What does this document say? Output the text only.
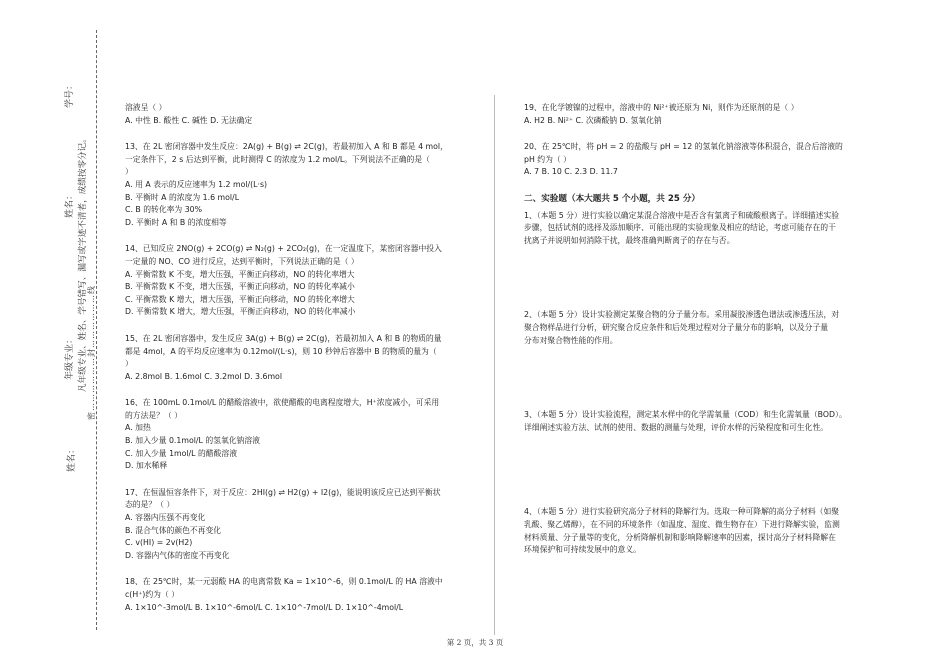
姓名：
年级专业：
姓名：
学号：
凡年级专业、姓名、学号错写、漏写或字迹不清者，成绩按零分记。 密………………封………………线

溶液呈（ ）

A. 中性 B. 酸性 C. 碱性 D. 无法确定

13、在 2L 密闭容器中发生反应：2A(g) + B(g) ⇌ 2C(g)，若最初加入 A 和 B 都是 4 mol，

一定条件下，2 s 后达到平衡，此时测得 C 的浓度为 1.2 mol/L。下列说法不正确的是（

）

A. 用 A 表示的反应速率为 1.2 mol/(L·s)

B. 平衡时 A 的浓度为 1.6 mol/L

C. B 的转化率为 30%

D. 平衡时 A 和 B 的浓度相等

14、已知反应 2NO(g) + 2CO(g) ⇌ N₂(g) + 2CO₂(g)，在一定温度下，某密闭容器中投入

一定量的 NO、CO 进行反应，达到平衡时，下列说法正确的是（ ）

A. 平衡常数 K 不变，增大压强，平衡正向移动，NO 的转化率增大

B. 平衡常数 K 不变，增大压强，平衡正向移动，NO 的转化率减小

C. 平衡常数 K 增大，增大压强，平衡正向移动，NO 的转化率增大

D. 平衡常数 K 增大，增大压强，平衡正向移动，NO 的转化率减小

15、在 2L 密闭容器中，发生反应 3A(g) + B(g) ⇌ 2C(g)，若最初加入 A 和 B 的物质的量

都是 4mol，A 的平均反应速率为 0.12mol/(L·s)，则 10 秒钟后容器中 B 的物质的量为（

）

A. 2.8mol B. 1.6mol C. 3.2mol D. 3.6mol

16、在 100mL 0.1mol/L 的醋酸溶液中，欲使醋酸的电离程度增大，H⁺浓度减小，可采用

的方法是？（ ）

A. 加热

B. 加入少量 0.1mol/L 的氢氧化钠溶液

C. 加入少量 1mol/L 的醋酸溶液

D. 加水稀释

17、在恒温恒容条件下，对于反应：2HI(g) ⇌ H2(g) + I2(g)，能说明该反应已达到平衡状

态的是？（ ）

A. 容器内压强不再变化

B. 混合气体的颜色不再变化

C. v(HI) = 2v(H2)

D. 容器内气体的密度不再变化

18、在 25℃时，某一元弱酸 HA 的电离常数 Ka = 1×10^-6，则 0.1mol/L 的 HA 溶液中

c(H⁺)约为（ ）

A. 1×10^-3mol/L B. 1×10^-6mol/L C. 1×10^-7mol/L D. 1×10^-4mol/L

19、在化学镀镍的过程中，溶液中的 Ni²⁺被还原为 Ni，则作为还原剂的是（ ）

A. H2 B. Ni²⁺ C. 次磷酸钠 D. 氢氧化钠

20、在 25℃时，将 pH = 2 的盐酸与 pH = 12 的氢氧化钠溶液等体积混合，混合后溶液的

pH 约为（ ）

A. 7 B. 10 C. 2.3 D. 11.7

二、实验题（本大题共 5 个小题，共 25 分）

1、（本题 5 分）进行实验以确定某混合溶液中是否含有氯离子和硫酸根离子。详细描述实验

步骤，包括试剂的选择及添加顺序、可能出现的实验现象及相应的结论，考虑可能存在的干

扰离子并说明如何消除干扰，最终准确判断离子的存在与否。

2、（本题 5 分）设计实验测定某聚合物的分子量分布。采用凝胶渗透色谱法或渗透压法，对

聚合物样品进行分析，研究聚合反应条件和后处理过程对分子量分布的影响，以及分子量

分布对聚合物性能的作用。

3、（本题 5 分）设计实验流程，测定某水样中的化学需氧量（COD）和生化需氧量（BOD）。

详细阐述实验方法、试剂的使用、数据的测量与处理，评价水样的污染程度和可生化性。

4、（本题 5 分）进行实验研究高分子材料的降解行为。选取一种可降解的高分子材料（如聚

乳酸、聚乙烯醇），在不同的环境条件（如温度、湿度、微生物存在）下进行降解实验，监测

材料质量、分子量等的变化，分析降解机制和影响降解速率的因素，探讨高分子材料降解在

环境保护和可持续发展中的意义。

第 2 页，共 3 页
